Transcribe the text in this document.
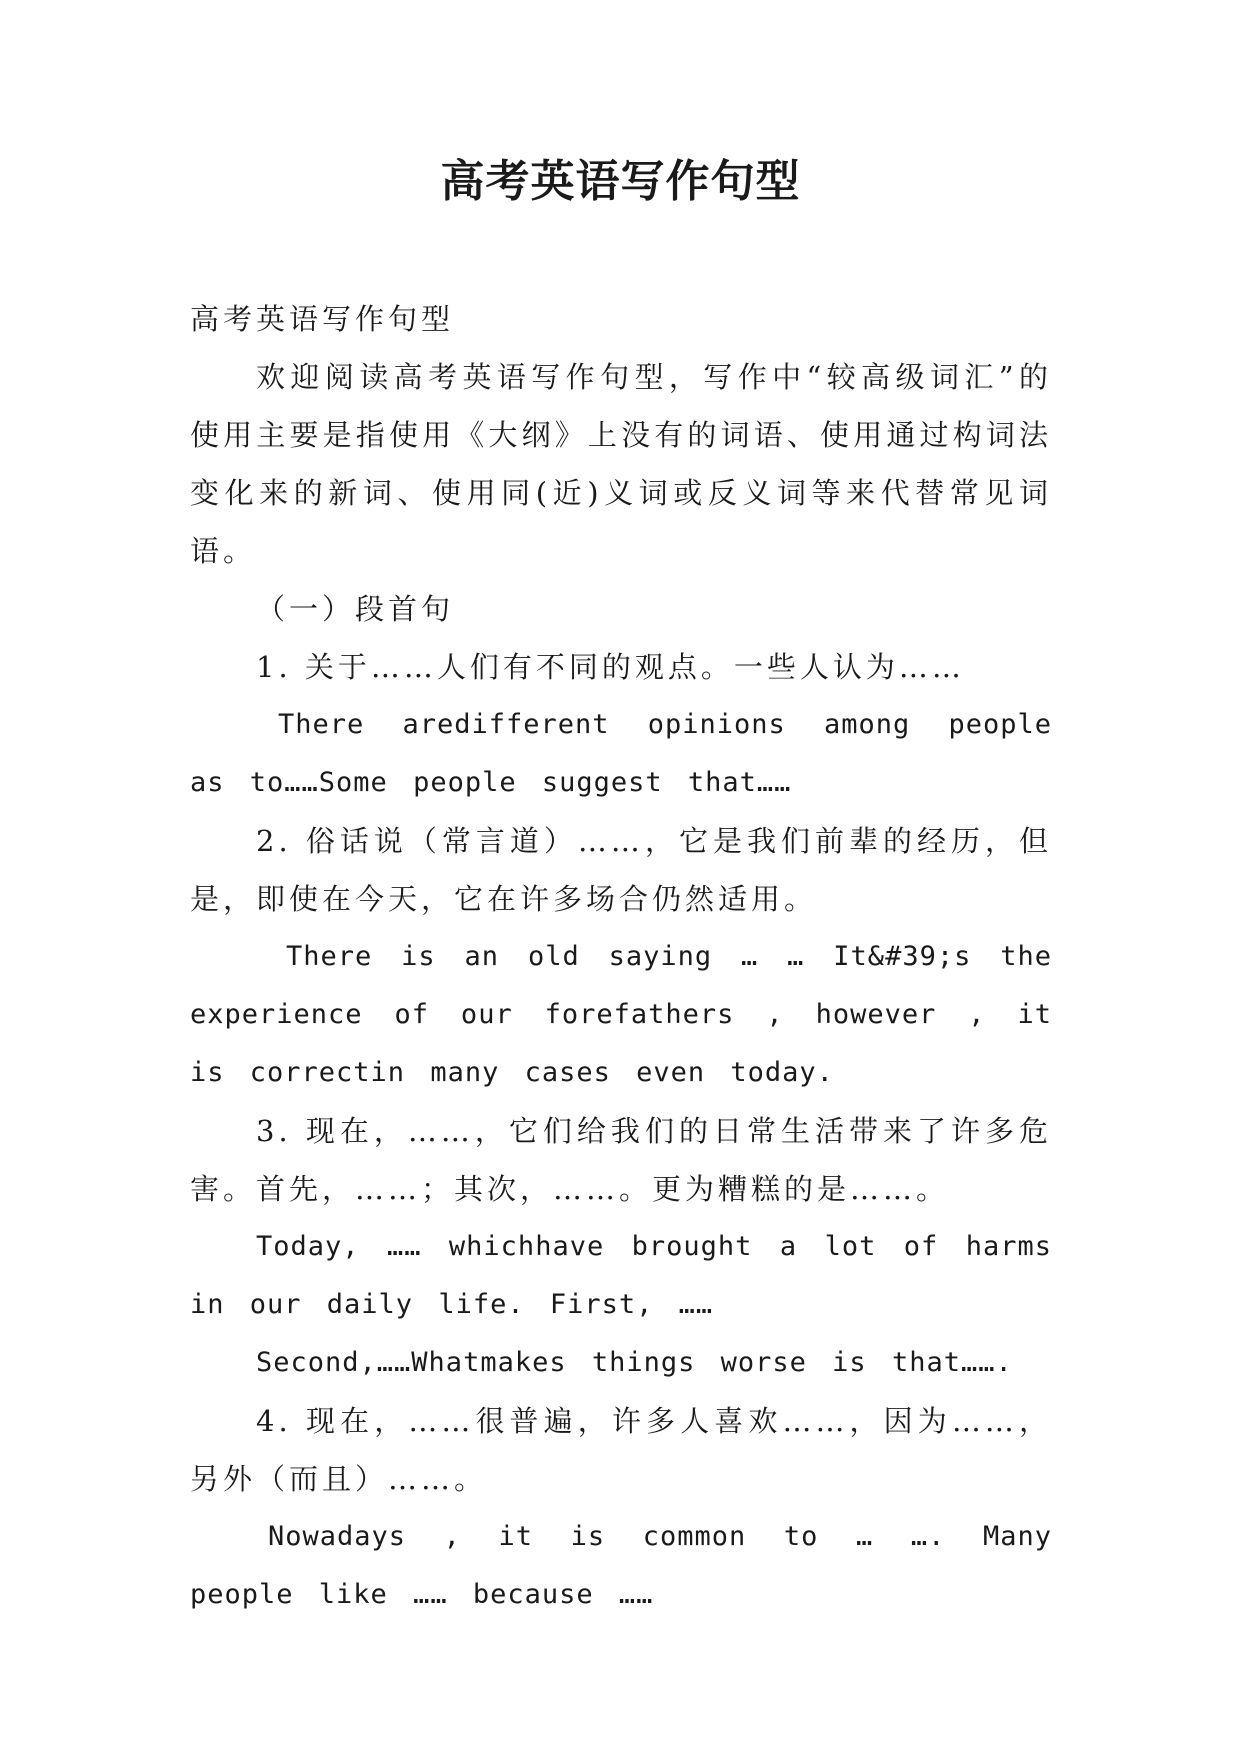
高考英语写作句型

高考英语写作句型

欢迎阅读高考英语写作句型，写作中“较高级词汇”的使用主要是指使用《大纲》上没有的词语、使用通过构词法变化来的新词、使用同(近)义词或反义词等来代替常见词语。

（一）段首句

1. 关于……人们有不同的观点。一些人认为……

There aredifferent opinions among people as to……Some people suggest that……

2. 俗话说（常言道）……，它是我们前辈的经历，但是，即使在今天，它在许多场合仍然适用。

There is an old saying … … It&#39;s the experience of our forefathers , however , it is correctin many cases even today.

3. 现在，……，它们给我们的日常生活带来了许多危害。首先，……；其次，……。更为糟糕的是……。

Today, …… whichhave brought a lot of harms in our daily life. First, ……

Second,……Whatmakes things worse is that…….

4. 现在，……很普遍，许多人喜欢……，因为……，另外（而且）……。

Nowadays , it is common to … …. Many people like …… because ……
